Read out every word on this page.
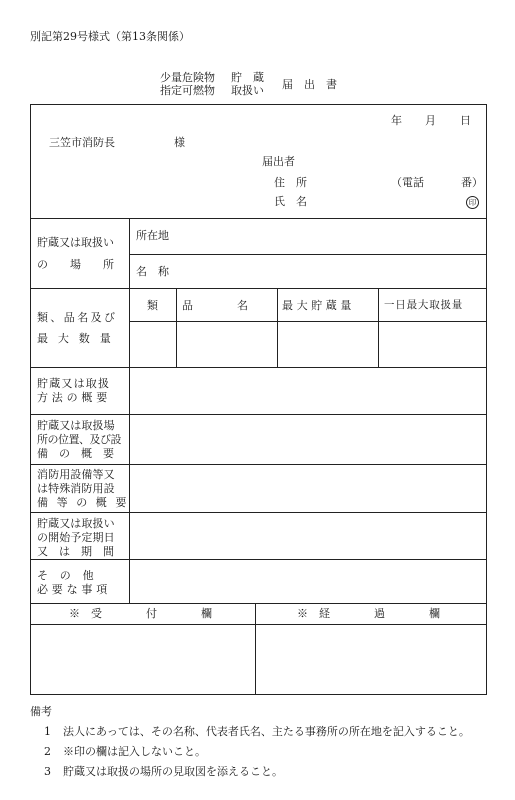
別記第29号様式（第13条関係）
少量危険物
指定可燃物
貯　蔵
取扱い 届　出　書
年 月 日
三笠市消防長	様
届出者
住　所	（電話	番）
氏　名	印
貯蔵又は取扱い
の　　場　　所
所在地
名　称
類、品名及び
最 大 数 量
類 品　　　　名	最大貯蔵量	一日最大取扱量
貯蔵又は取扱
方法の概要
貯蔵又は取扱場
所の位置、及び設
備　の　概　要
消防用設備等又
は特殊消防用設
備　等　の　概　要
貯蔵又は取扱い
の開始予定期日
又　は　期　間
そ　の　他
必要な事項
※　受　　　　付　　　　欄	※　経　　　　過　　　　欄
備考
1 法人にあっては、その名称、代表者氏名、主たる事務所の所在地を記入すること。
2 ※印の欄は記入しないこと。
3 貯蔵又は取扱の場所の見取図を添えること。
